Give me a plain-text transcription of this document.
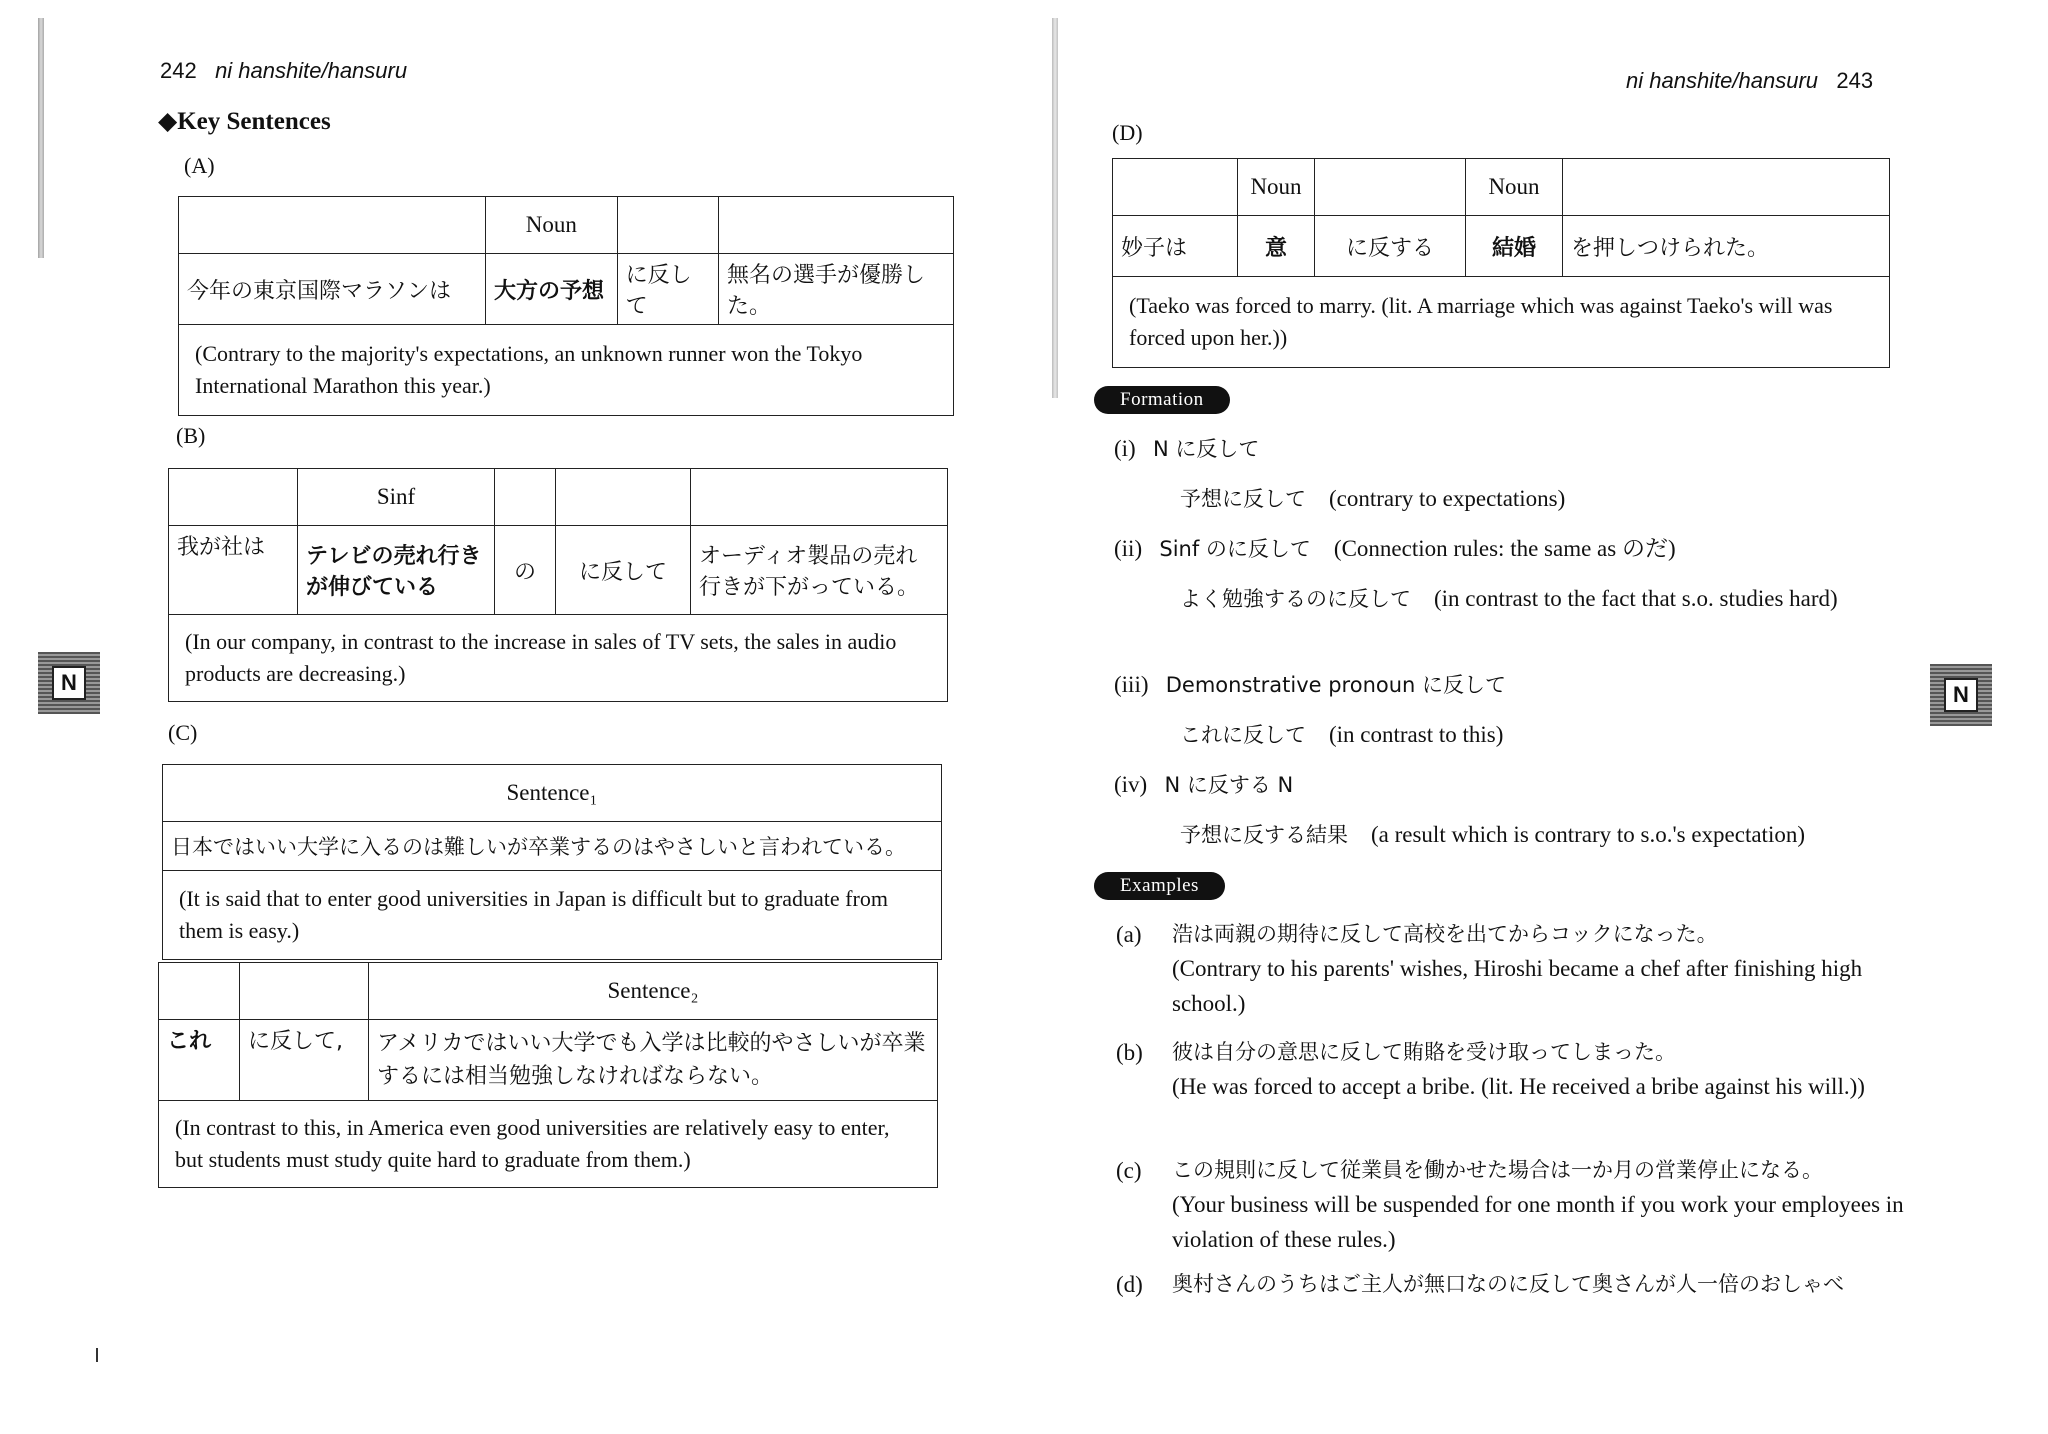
242 ni hanshite/hansuru
◆Key Sentences
(A)
	Noun		
今年の東京国際マラソンは	大方の予想	に反して	無名の選手が優勝した。
(Contrary to the majority's expectations, an unknown runner won the Tokyo International Marathon this year.)			
(B)
	Sinf			
我が社は	テレビの売れ行きが伸びている	の	に反して	オーディオ製品の売れ行きが下がっている。
(In our company, in contrast to the increase in sales of TV sets, the sales in audio products are decreasing.)				
(C)
Sentence₁
日本ではいい大学に入るのは難しいが卒業するのはやさしいと言われている。
(It is said that to enter good universities in Japan is difficult but to graduate from them is easy.)
		Sentence₂
これ	に反して,	アメリカではいい大学でも入学は比較的やさしいが卒業するには相当勉強しなければならない。
(In contrast to this, in America even good universities are relatively easy to enter, but students must study quite hard to graduate from them.)		
N
ni hanshite/hansuru 243
(D)
	Noun		Noun	
妙子は	意	に反する	結婚	を押しつけられた。
(Taeko was forced to marry. (lit. A marriage which was against Taeko's will was forced upon her.))				
Formation
(i) N に反して
予想に反して (contrary to expectations)
(ii) Sinf のに反して (Connection rules: the same as のだ)
よく勉強するのに反して (in contrast to the fact that s.o. studies hard)
(iii) Demonstrative pronoun に反して
これに反して (in contrast to this)
(iv) N に反する N
予想に反する結果 (a result which is contrary to s.o.'s expectation)
Examples
(a) 浩は両親の期待に反して高校を出てからコックになった。
(Contrary to his parents' wishes, Hiroshi became a chef after finishing high school.)
(b) 彼は自分の意思に反して賄賂を受け取ってしまった。
(He was forced to accept a bribe. (lit. He received a bribe against his will.))
(c) この規則に反して従業員を働かせた場合は一か月の営業停止になる。
(Your business will be suspended for one month if you work your employees in violation of these rules.)
(d) 奥村さんのうちはご主人が無口なのに反して奥さんが人一倍のおしゃべ
N
